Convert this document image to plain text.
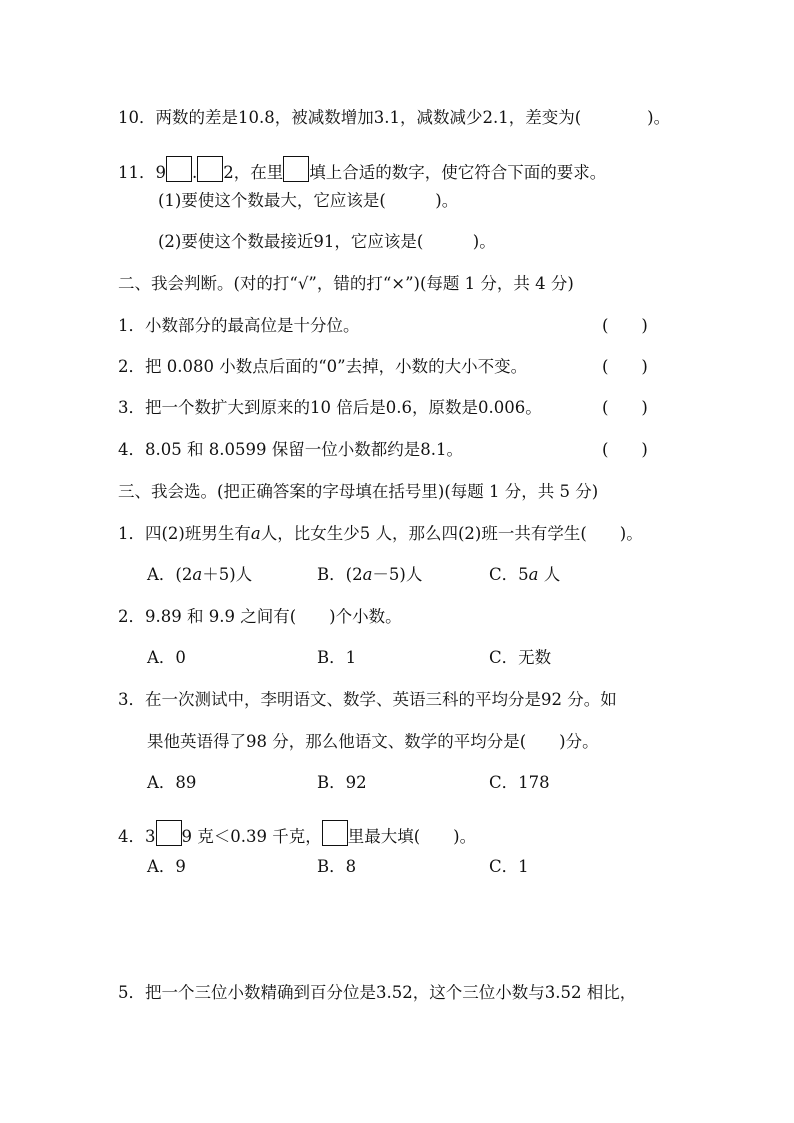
10．两数的差是10.8，被减数增加3.1，减数减少2.1，差变为(　　　　)。
11．9 . 2，在里 填上合适的数字，使它符合下面的要求。
(1)要使这个数最大，它应该是(　　　)。
(2)要使这个数最接近91，它应该是(　　　)。
二、我会判断。(对的打“√”，错的打“×”)(每题 1 分，共 4 分)
1．小数部分的最高位是十分位。	(　　)
2．把 0.080 小数点后面的“0”去掉，小数的大小不变。	(　　)
3．把一个数扩大到原来的10 倍后是0.6，原数是0.006。	(　　)
4．8.05 和 8.0599 保留一位小数都约是8.1。	(　　)
三、我会选。(把正确答案的字母填在括号里)(每题 1 分，共 5 分)
1．四(2)班男生有a人，比女生少5 人，那么四(2)班一共有学生(　　)。
A．(2a＋5)人	B．(2a－5)人	C．5a 人
2．9.89 和 9.9 之间有(　　)个小数。
A．0	B．1	C．无数
3．在一次测试中，李明语文、数学、英语三科的平均分是92 分。如
果他英语得了98 分，那么他语文、数学的平均分是(　　)分。
A．89	B．92	C．178
4．3 9 克＜0.39 千克， 里最大填(　　)。
A．9	B．8	C．1
5．把一个三位小数精确到百分位是3.52，这个三位小数与3.52 相比，
